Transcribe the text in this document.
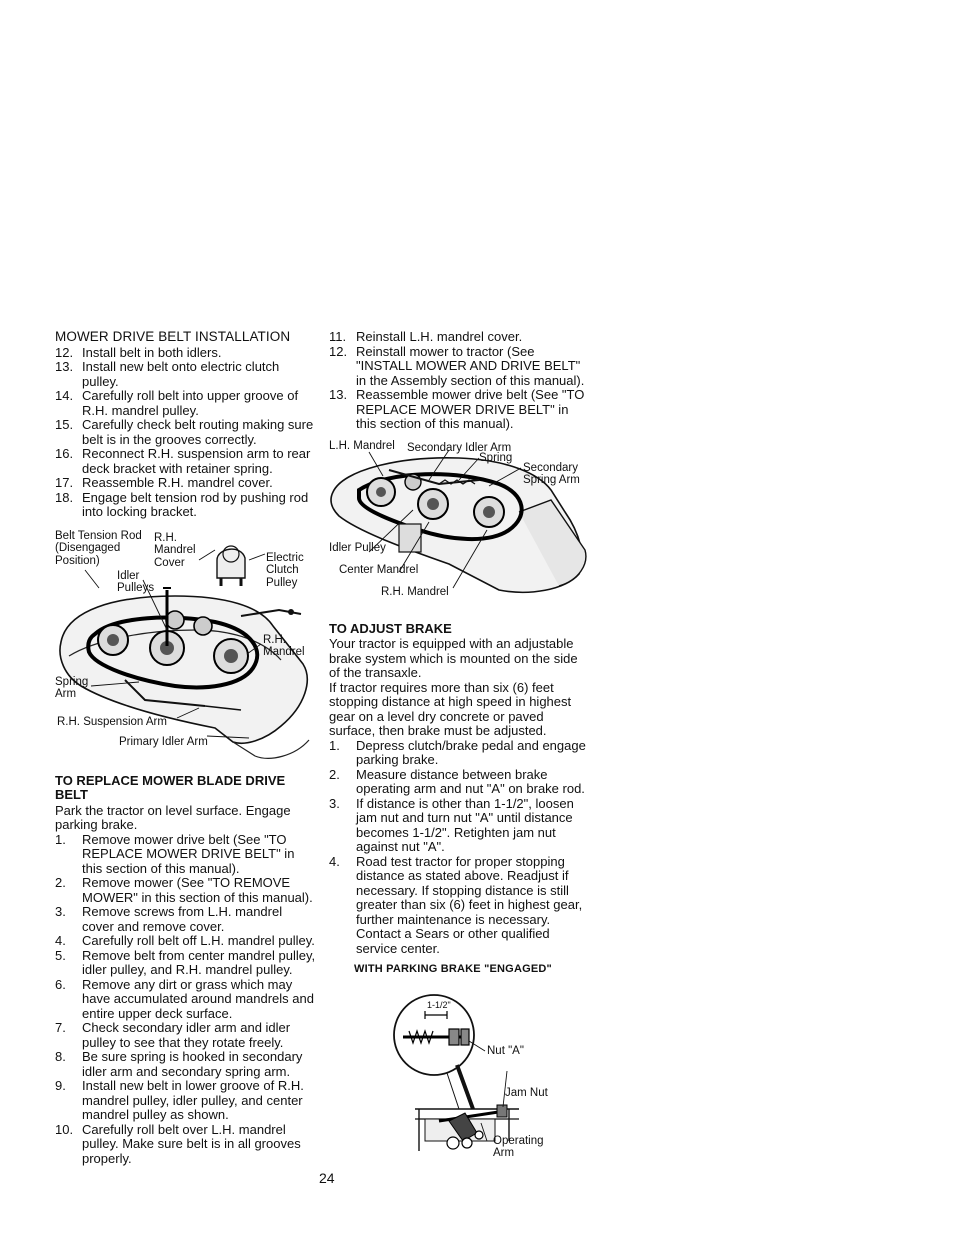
MOWER DRIVE BELT INSTALLATION
12. Install belt in both idlers.
13. Install new belt onto electric clutch pulley.
14. Carefully roll belt into upper groove of R.H. mandrel pulley.
15. Carefully check belt routing making sure belt is in the grooves correctly.
16. Reconnect R.H. suspension arm to rear deck bracket with retainer spring.
17. Reassemble R.H. mandrel cover.
18. Engage belt tension rod by pushing rod into locking bracket.
Belt Tension Rod
(Disengaged
Position)
R.H.
Mandrel
Cover	Electric
Clutch
Pulley
Idler
Pulleys
R.H.
Mandrel
Spring
Arm
R.H. Suspension Arm
Primary Idler Arm
TO REPLACE MOWER BLADE DRIVE BELT

Park the tractor on level surface. Engage parking brake.

1.	Remove mower drive belt (See "TO REPLACE MOWER DRIVE BELT" in this section of this manual).
2.	Remove mower (See "TO REMOVE MOWER" in this section of this manual).
3.	Remove screws from L.H. mandrel cover and remove cover.
4.	Carefully roll belt off L.H. mandrel pulley.
5.	Remove belt from center mandrel pulley, idler pulley, and R.H. mandrel pulley.
6.	Remove any dirt or grass which may have accumulated around mandrels and entire upper deck surface.
7.	Check secondary idler arm and idler pulley to see that they rotate freely.
8.	Be sure spring is hooked in secondary idler arm and secondary spring arm.
9.	Install new belt in lower groove of R.H. mandrel pulley, idler pulley, and center mandrel pulley as shown.
10. Carefully roll belt over L.H. mandrel pulley. Make sure belt is in all grooves properly.
11. Reinstall L.H. mandrel cover.
12. Reinstall mower to tractor (See "INSTALL MOWER AND DRIVE BELT" in the Assembly section of this manual).
13. Reassemble mower drive belt (See "TO REPLACE MOWER DRIVE BELT" in this section of this manual).
L.H. Mandrel Secondary Idler Arm
Spring
Secondary
Spring Arm
Idler Pulley
Center Mandrel
R.H. Mandrel
TO ADJUST BRAKE

Your tractor is equipped with an adjustable brake system which is mounted on the side of the transaxle.

If tractor requires more than six (6) feet stopping distance at high speed in highest gear on a level dry concrete or paved surface, then brake must be adjusted.

1.	Depress clutch/brake pedal and engage parking brake.
2.	Measure distance between brake operating arm and nut "A" on brake rod.
3.	If distance is other than 1-1/2", loosen jam nut and turn nut "A" until distance becomes 1-1/2". Retighten jam nut against nut "A".
4.	Road test tractor for proper stopping distance as stated above. Readjust if necessary. If stopping distance is still greater than six (6) feet in highest gear, further maintenance is necessary. Contact a Sears or other qualified service center.
WITH PARKING BRAKE "ENGAGED"
1-1/2"
Nut "A"
Jam Nut
Operating
Arm
24
